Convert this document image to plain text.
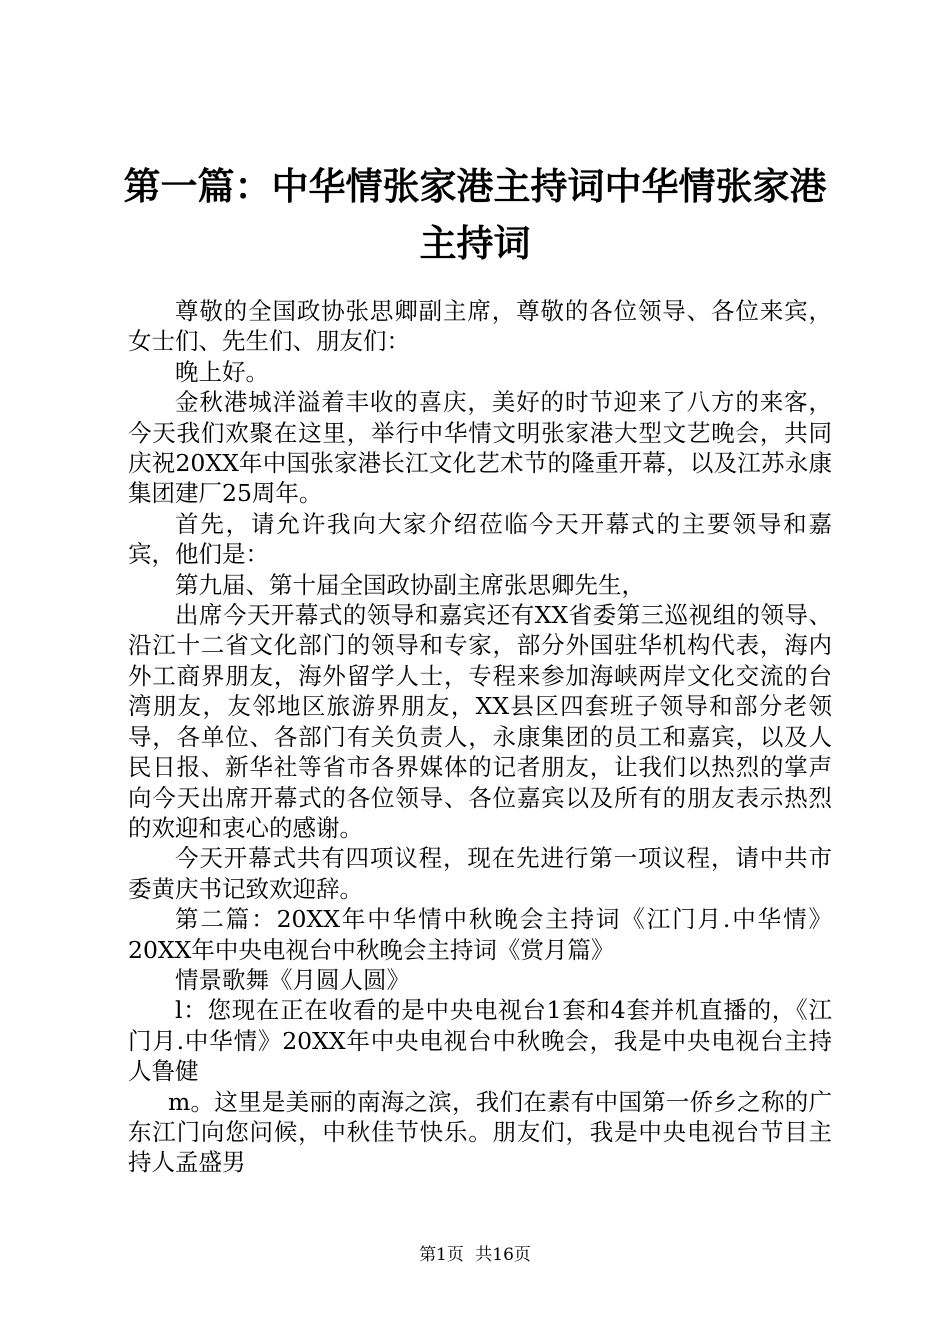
第一篇：中华情张家港主持词中华情张家港主持词

尊敬的全国政协张思卿副主席，尊敬的各位领导、各位来宾，女士们、先生们、朋友们：

晚上好。

金秋港城洋溢着丰收的喜庆，美好的时节迎来了八方的来客，今天我们欢聚在这里，举行中华情文明张家港大型文艺晚会，共同庆祝20XX年中国张家港长江文化艺术节的隆重开幕，以及江苏永康集团建厂25周年。

首先，请允许我向大家介绍莅临今天开幕式的主要领导和嘉宾，他们是：

第九届、第十届全国政协副主席张思卿先生，

出席今天开幕式的领导和嘉宾还有XX省委第三巡视组的领导、沿江十二省文化部门的领导和专家，部分外国驻华机构代表，海内外工商界朋友，海外留学人士，专程来参加海峡两岸文化交流的台湾朋友，友邻地区旅游界朋友，XX县区四套班子领导和部分老领导，各单位、各部门有关负责人，永康集团的员工和嘉宾，以及人民日报、新华社等省市各界媒体的记者朋友，让我们以热烈的掌声向今天出席开幕式的各位领导、各位嘉宾以及所有的朋友表示热烈的欢迎和衷心的感谢。

今天开幕式共有四项议程，现在先进行第一项议程，请中共市委黄庆书记致欢迎辞。

第二篇：20XX年中华情中秋晚会主持词《江门月.中华情》20XX年中央电视台中秋晚会主持词《赏月篇》

情景歌舞《月圆人圆》

l：您现在正在收看的是中央电视台1套和4套并机直播的，《江门月.中华情》20XX年中央电视台中秋晚会，我是中央电视台主持人鲁健

m。这里是美丽的南海之滨，我们在素有中国第一侨乡之称的广东江门向您问候，中秋佳节快乐。朋友们，我是中央电视台节目主持人孟盛男

第1页 共16页
